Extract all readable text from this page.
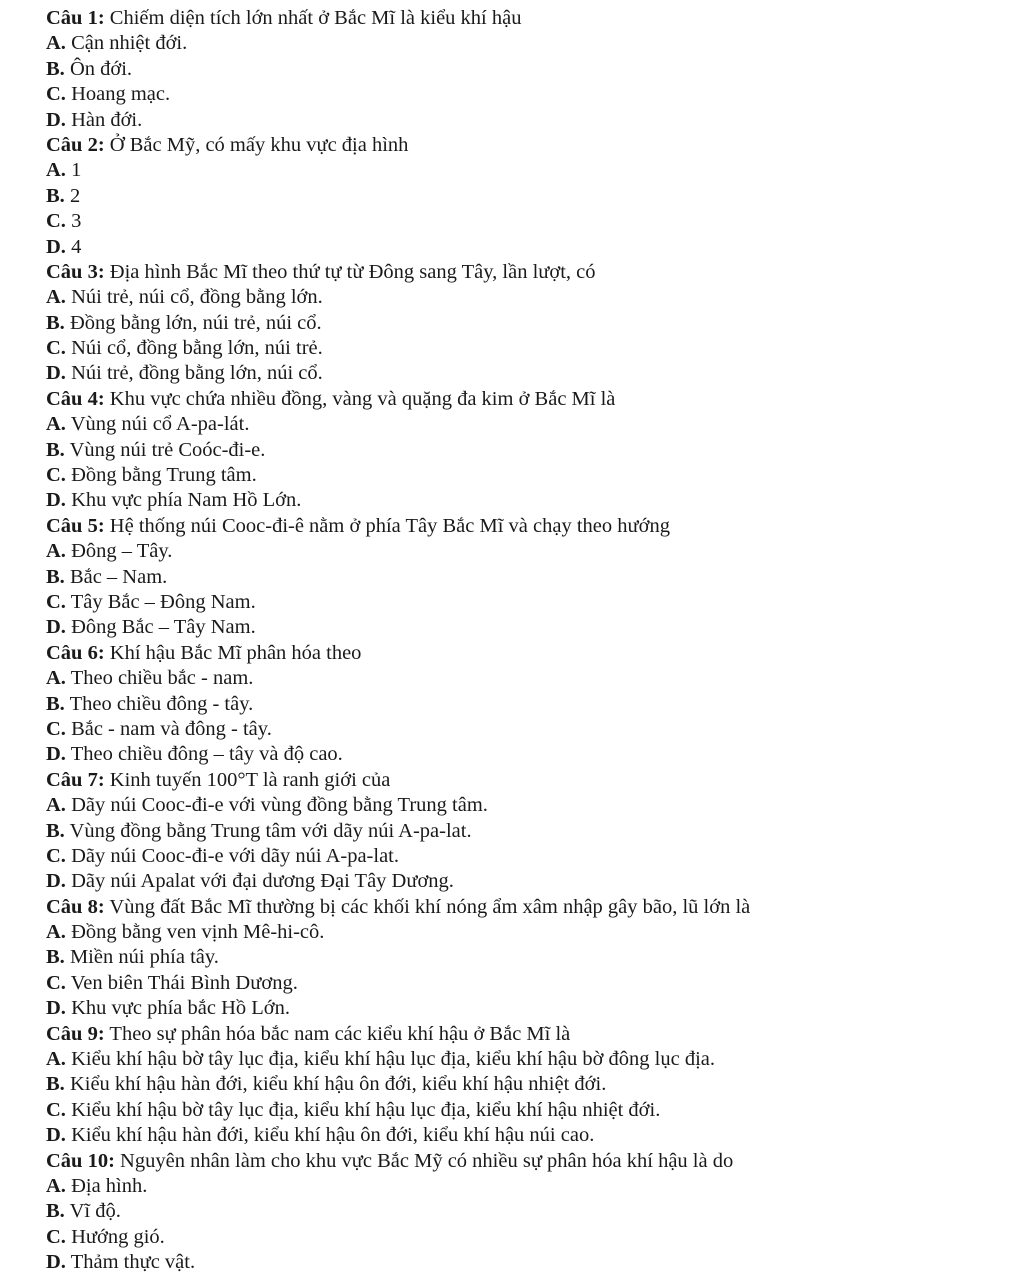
Câu 1: Chiếm diện tích lớn nhất ở Bắc Mĩ là kiểu khí hậu
A. Cận nhiệt đới.
B. Ôn đới.
C. Hoang mạc.
D. Hàn đới.
Câu 2: Ở Bắc Mỹ, có mấy khu vực địa hình
A. 1
B. 2
C. 3
D. 4
Câu 3: Địa hình Bắc Mĩ theo thứ tự từ Đông sang Tây, lần lượt, có
A. Núi trẻ, núi cổ, đồng bằng lớn.
B. Đồng bằng lớn, núi trẻ, núi cổ.
C. Núi cổ, đồng bằng lớn, núi trẻ.
D. Núi trẻ, đồng bằng lớn, núi cổ.
Câu 4: Khu vực chứa nhiều đồng, vàng và quặng đa kim ở Bắc Mĩ là
A. Vùng núi cổ A-pa-lát.
B. Vùng núi trẻ Coóc-đi-e.
C. Đồng bằng Trung tâm.
D. Khu vực phía Nam Hồ Lớn.
Câu 5: Hệ thống núi Cooc-đi-ê nằm ở phía Tây Bắc Mĩ và chạy theo hướng
A. Đông – Tây.
B. Bắc – Nam.
C. Tây Bắc – Đông Nam.
D. Đông Bắc – Tây Nam.
Câu 6: Khí hậu Bắc Mĩ phân hóa theo
A. Theo chiều bắc - nam.
B. Theo chiều đông - tây.
C. Bắc - nam và đông - tây.
D. Theo chiều đông – tây và độ cao.
Câu 7: Kinh tuyến 100°T là ranh giới của
A. Dãy núi Cooc-đi-e với vùng đồng bằng Trung tâm.
B. Vùng đồng bằng Trung tâm với dãy núi A-pa-lat.
C. Dãy núi Cooc-đi-e với dãy núi A-pa-lat.
D. Dãy núi Apalat với đại dương Đại Tây Dương.
Câu 8: Vùng đất Bắc Mĩ thường bị các khối khí nóng ẩm xâm nhập gây bão, lũ lớn là
A. Đồng bằng ven vịnh Mê-hi-cô.
B. Miền núi phía tây.
C. Ven biên Thái Bình Dương.
D. Khu vực phía bắc Hồ Lớn.
Câu 9: Theo sự phân hóa bắc nam các kiểu khí hậu ở Bắc Mĩ là
A. Kiểu khí hậu bờ tây lục địa, kiểu khí hậu lục địa, kiểu khí hậu bờ đông lục địa.
B. Kiểu khí hậu hàn đới, kiểu khí hậu ôn đới, kiểu khí hậu nhiệt đới.
C. Kiểu khí hậu bờ tây lục địa, kiểu khí hậu lục địa, kiểu khí hậu nhiệt đới.
D. Kiểu khí hậu hàn đới, kiểu khí hậu ôn đới, kiểu khí hậu núi cao.
Câu 10: Nguyên nhân làm cho khu vực Bắc Mỹ có nhiều sự phân hóa khí hậu là do
A. Địa hình.
B. Vĩ độ.
C. Hướng gió.
D. Thảm thực vật.
